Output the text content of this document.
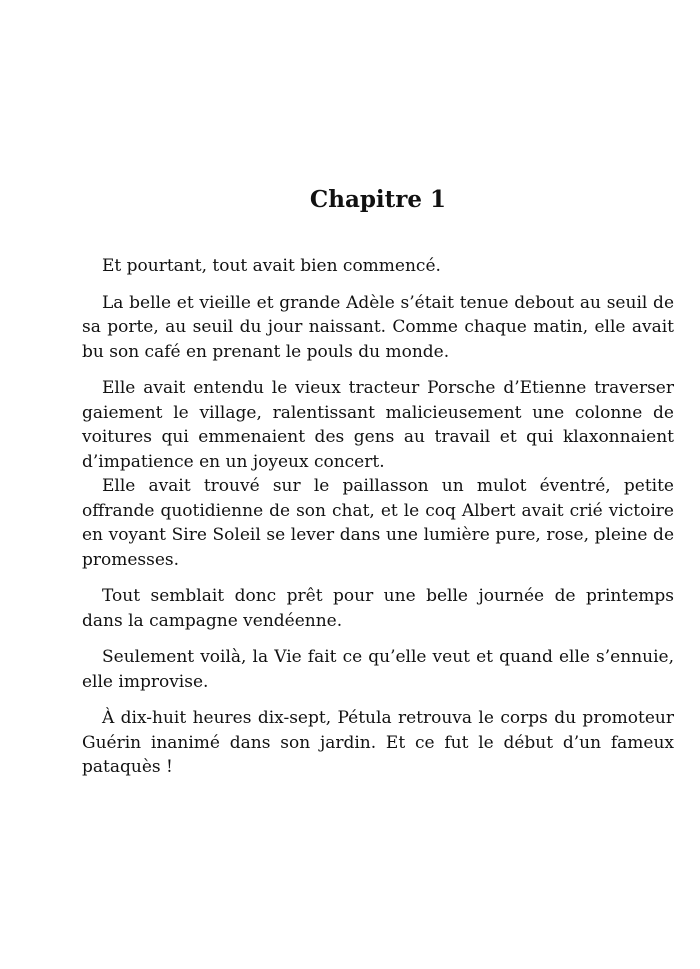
Chapitre 1

Et pourtant, tout avait bien commencé.

La belle et vieille et grande Adèle s’était tenue debout au seuil de sa porte, au seuil du jour naissant. Comme chaque matin, elle avait bu son café en prenant le pouls du monde.

Elle avait entendu le vieux tracteur Porsche d’Etienne traverser gaiement le village, ralentissant malicieusement une colonne de voitures qui emmenaient des gens au travail et qui klaxonnaient d’impatience en un joyeux concert.

Elle avait trouvé sur le paillasson un mulot éventré, petite offrande quotidienne de son chat, et le coq Albert avait crié victoire en voyant Sire Soleil se lever dans une lumière pure, rose, pleine de promesses.

Tout semblait donc prêt pour une belle journée de printemps dans la campagne vendéenne.

Seulement voilà, la Vie fait ce qu’elle veut et quand elle s’ennuie, elle improvise.

À dix-huit heures dix-sept, Pétula retrouva le corps du promoteur Guérin inanimé dans son jardin. Et ce fut le début d’un fameux pataquès !
